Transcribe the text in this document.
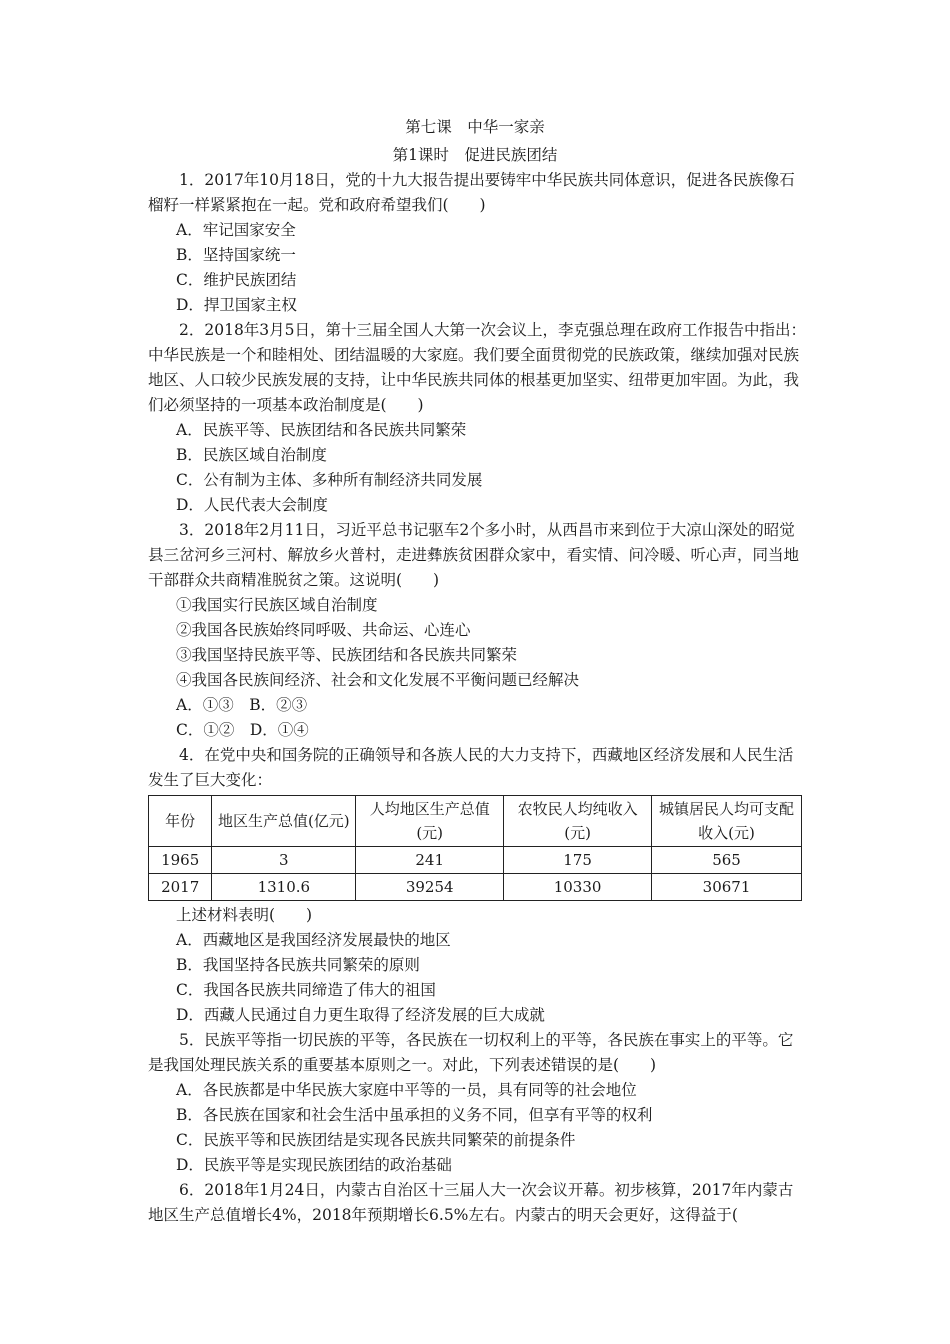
第七课　中华一家亲
第1课时　促进民族团结

1．2017年10月18日，党的十九大报告提出要铸牢中华民族共同体意识，促进各民族像石榴籽一样紧紧抱在一起。党和政府希望我们(　　)

A．牢记国家安全

B．坚持国家统一

C．维护民族团结

D．捍卫国家主权

2．2018年3月5日，第十三届全国人大第一次会议上，李克强总理在政府工作报告中指出：中华民族是一个和睦相处、团结温暖的大家庭。我们要全面贯彻党的民族政策，继续加强对民族地区、人口较少民族发展的支持，让中华民族共同体的根基更加坚实、纽带更加牢固。为此，我们必须坚持的一项基本政治制度是(　　)

A．民族平等、民族团结和各民族共同繁荣

B．民族区域自治制度

C．公有制为主体、多种所有制经济共同发展

D．人民代表大会制度

3．2018年2月11日，习近平总书记驱车2个多小时，从西昌市来到位于大凉山深处的昭觉县三岔河乡三河村、解放乡火普村，走进彝族贫困群众家中，看实情、问冷暖、听心声，同当地干部群众共商精准脱贫之策。这说明(　　)

①我国实行民族区域自治制度

②我国各民族始终同呼吸、共命运、心连心

③我国坚持民族平等、民族团结和各民族共同繁荣

④我国各民族间经济、社会和文化发展不平衡问题已经解决

A．①③　B．②③

C．①②　D．①④

4．在党中央和国务院的正确领导和各族人民的大力支持下，西藏地区经济发展和人民生活发生了巨大变化：

年份	地区生产总值(亿元)	人均地区生产总值(元)	农牧民人均纯收入(元)	城镇居民人均可支配收入(元)
1965	3	241	175	565
2017	1310.6	39254	10330	30671

上述材料表明(　　)

A．西藏地区是我国经济发展最快的地区

B．我国坚持各民族共同繁荣的原则

C．我国各民族共同缔造了伟大的祖国

D．西藏人民通过自力更生取得了经济发展的巨大成就

5．民族平等指一切民族的平等，各民族在一切权利上的平等，各民族在事实上的平等。它是我国处理民族关系的重要基本原则之一。对此，下列表述错误的是(　　)

A．各民族都是中华民族大家庭中平等的一员，具有同等的社会地位

B．各民族在国家和社会生活中虽承担的义务不同，但享有平等的权利

C．民族平等和民族团结是实现各民族共同繁荣的前提条件

D．民族平等是实现民族团结的政治基础

6．2018年1月24日，内蒙古自治区十三届人大一次会议开幕。初步核算，2017年内蒙古地区生产总值增长4%，2018年预期增长6.5%左右。内蒙古的明天会更好，这得益于(
